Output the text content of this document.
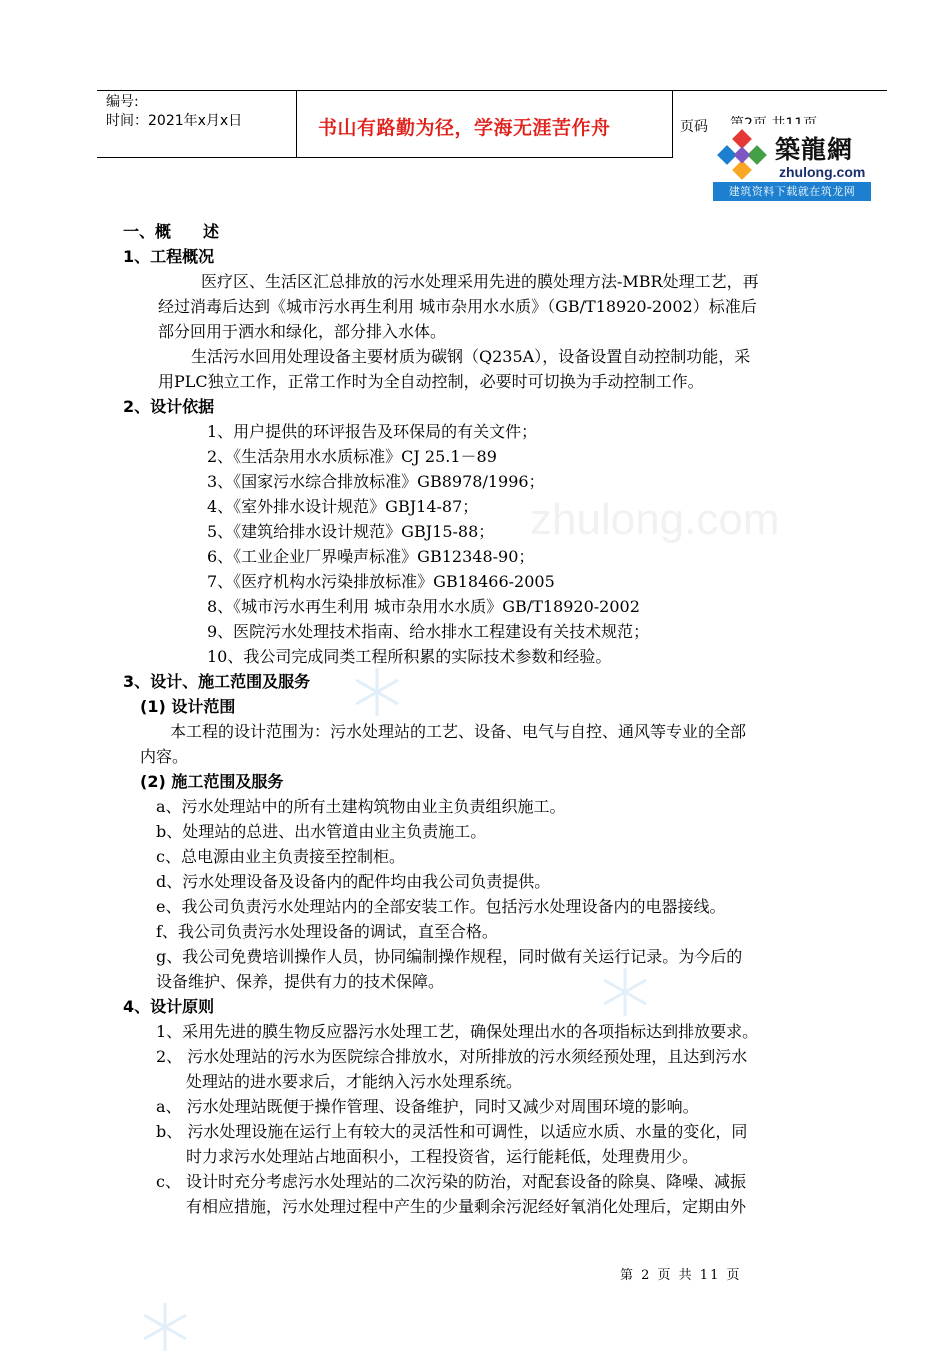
zhulong.com
编号:
时间：2021年x月x日	书山有路勤为径，学海无涯苦作舟	页码
築龍網
zhulong.com
建筑资料下载就在筑龙网
一、概　　述
1、工程概况
医疗区、生活区汇总排放的污水处理采用先进的膜处理方法-MBR处理工艺，再
经过消毒后达到《城市污水再生利用 城市杂用水水质》（GB/T18920-2002）标准后
部分回用于洒水和绿化，部分排入水体。
生活污水回用处理设备主要材质为碳钢（Q235A），设备设置自动控制功能，采
用PLC独立工作，正常工作时为全自动控制，必要时可切换为手动控制工作。
2、设计依据
1、用户提供的环评报告及环保局的有关文件；
2、《生活杂用水水质标准》CJ 25.1－89
3、《国家污水综合排放标准》GB8978/1996；
4、《室外排水设计规范》GBJ14-87；
5、《建筑给排水设计规范》GBJ15-88；
6、《工业企业厂界噪声标准》GB12348-90；
7、《医疗机构水污染排放标准》GB18466-2005
8、《城市污水再生利用 城市杂用水水质》GB/T18920-2002
9、医院污水处理技术指南、给水排水工程建设有关技术规范；
10、我公司完成同类工程所积累的实际技术参数和经验。
3、设计、施工范围及服务
(1) 设计范围
本工程的设计范围为：污水处理站的工艺、设备、电气与自控、通风等专业的全部
内容。
(2) 施工范围及服务
a、污水处理站中的所有土建构筑物由业主负责组织施工。
b、处理站的总进、出水管道由业主负责施工。
c、总电源由业主负责接至控制柜。
d、污水处理设备及设备内的配件均由我公司负责提供。
e、我公司负责污水处理站内的全部安装工作。包括污水处理设备内的电器接线。
f、我公司负责污水处理设备的调试，直至合格。
g、我公司免费培训操作人员，协同编制操作规程，同时做有关运行记录。为今后的
设备维护、保养，提供有力的技术保障。
4、设计原则
1、采用先进的膜生物反应器污水处理工艺，确保处理出水的各项指标达到排放要求。
2、 污水处理站的污水为医院综合排放水，对所排放的污水须经预处理，且达到污水
处理站的进水要求后，才能纳入污水处理系统。
a、 污水处理站既便于操作管理、设备维护，同时又减少对周围环境的影响。
b、 污水处理设施在运行上有较大的灵活性和可调性，以适应水质、水量的变化，同
时力求污水处理站占地面积小，工程投资省，运行能耗低，处理费用少。
c、 设计时充分考虑污水处理站的二次污染的防治，对配套设备的除臭、降噪、减振
有相应措施，污水处理过程中产生的少量剩余污泥经好氧消化处理后，定期由外
第 2 页 共 11 页
